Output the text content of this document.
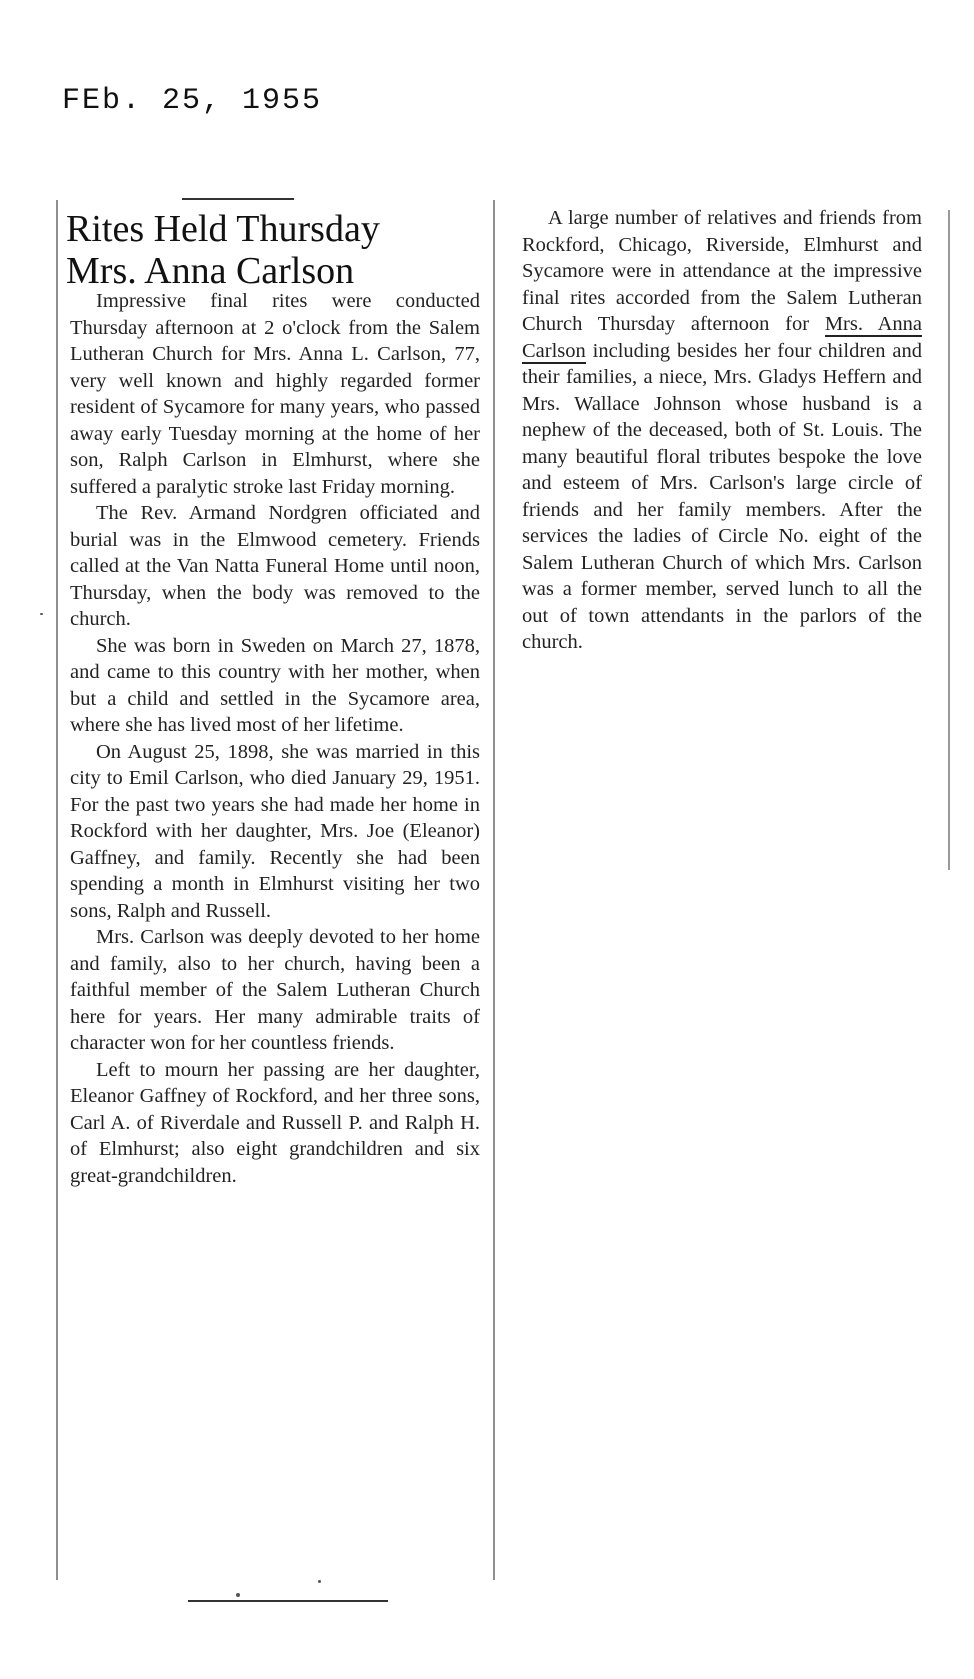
FEb. 25, 1955
Rites Held Thursday
Mrs. Anna Carlson

Impressive final rites were conducted Thursday afternoon at 2 o'clock from the Salem Lutheran Church for Mrs. Anna L. Carlson, 77, very well known and highly regarded former resident of Sycamore for many years, who passed away early Tuesday morning at the home of her son, Ralph Carlson in Elmhurst, where she suffered a paralytic stroke last Friday morning.

The Rev. Armand Nordgren officiated and burial was in the Elmwood cemetery. Friends called at the Van Natta Funeral Home until noon, Thursday, when the body was removed to the church.

She was born in Sweden on March 27, 1878, and came to this country with her mother, when but a child and settled in the Sycamore area, where she has lived most of her lifetime.

On August 25, 1898, she was married in this city to Emil Carlson, who died January 29, 1951. For the past two years she had made her home in Rockford with her daughter, Mrs. Joe (Eleanor) Gaffney, and family. Recently she had been spending a month in Elmhurst visiting her two sons, Ralph and Russell.

Mrs. Carlson was deeply devoted to her home and family, also to her church, having been a faithful member of the Salem Lutheran Church here for years. Her many admirable traits of character won for her countless friends.

Left to mourn her passing are her daughter, Eleanor Gaffney of Rockford, and her three sons, Carl A. of Riverdale and Russell P. and Ralph H. of Elmhurst; also eight grandchildren and six great-grandchildren.

A large number of relatives and friends from Rockford, Chicago, Riverside, Elmhurst and Sycamore were in attendance at the impressive final rites accorded from the Salem Lutheran Church Thursday afternoon for Mrs. Anna Carlson including besides her four children and their families, a niece, Mrs. Gladys Heffern and Mrs. Wallace Johnson whose husband is a nephew of the deceased, both of St. Louis. The many beautiful floral tributes bespoke the love and esteem of Mrs. Carlson's large circle of friends and her family members. After the services the ladies of Circle No. eight of the Salem Lutheran Church of which Mrs. Carlson was a former member, served lunch to all the out of town attendants in the parlors of the church.
